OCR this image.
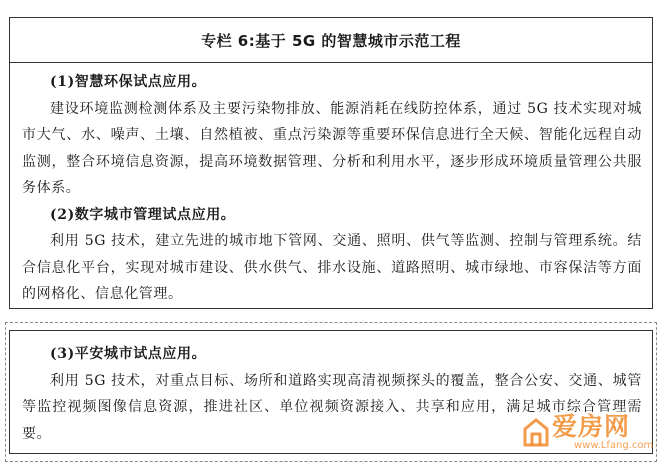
专栏 6:基于 5G 的智慧城市示范工程

(1)智慧环保试点应用。

建设环境监测检测体系及主要污染物排放、能源消耗在线防控体系，通过 5G 技术实现对城市大气、水、噪声、土壤、自然植被、重点污染源等重要环保信息进行全天候、智能化远程自动监测，整合环境信息资源，提高环境数据管理、分析和利用水平，逐步形成环境质量管理公共服务体系。

(2)数字城市管理试点应用。

利用 5G 技术，建立先进的城市地下管网、交通、照明、供气等监测、控制与管理系统。结合信息化平台，实现对城市建设、供水供气、排水设施、道路照明、城市绿地、市容保洁等方面的网格化、信息化管理。

(3)平安城市试点应用。

利用 5G 技术，对重点目标、场所和道路实现高清视频探头的覆盖，整合公安、交通、城管等监控视频图像信息资源，推进社区、单位视频资源接入、共享和应用，满足城市综合管理需要。	爱房网
www.Lfang.com
